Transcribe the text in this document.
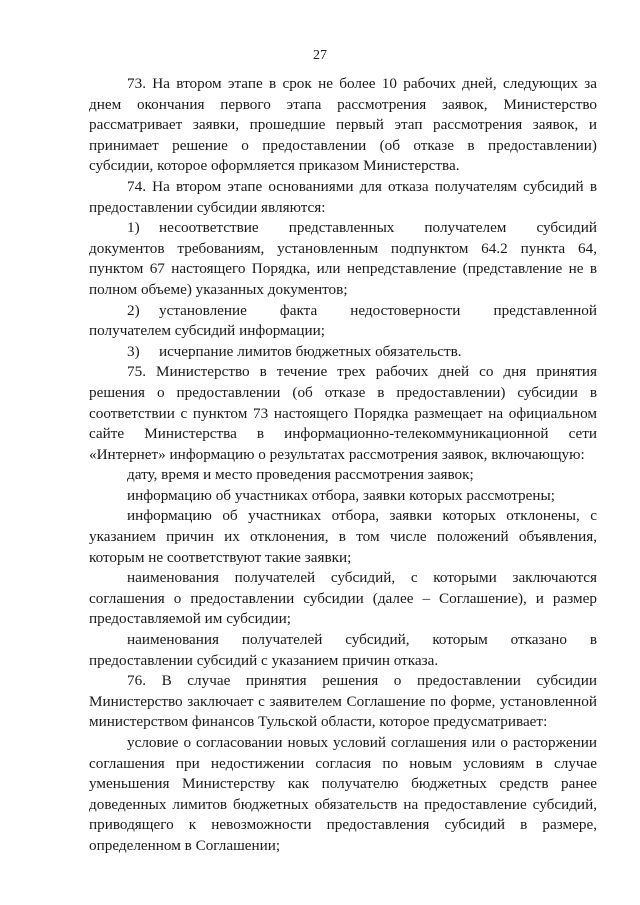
27

73. На втором этапе в срок не более 10 рабочих дней, следующих за днем окончания первого этапа рассмотрения заявок, Министерство рассматривает заявки, прошедшие первый этап рассмотрения заявок, и принимает решение о предоставлении (об отказе в предоставлении) субсидии, которое оформляется приказом Министерства.

74. На втором этапе основаниями для отказа получателям субсидий в предоставлении субсидии являются:

1)	несоответствие представленных получателем субсидий

документов требованиям, установленным подпунктом 64.2 пункта 64, пунктом 67 настоящего Порядка, или непредставление (представление не в полном объеме) указанных документов;

2)	установление факта недостоверности представленной

получателем субсидий информации;

3)	исчерпание лимитов бюджетных обязательств.

75. Министерство в течение трех рабочих дней со дня принятия решения о предоставлении (об отказе в предоставлении) субсидии в соответствии с пунктом 73 настоящего Порядка размещает на официальном сайте Министерства в информационно-телекоммуникационной сети «Интернет» информацию о результатах рассмотрения заявок, включающую:

дату, время и место проведения рассмотрения заявок;

информацию об участниках отбора, заявки которых рассмотрены;

информацию об участниках отбора, заявки которых отклонены, с указанием причин их отклонения, в том числе положений объявления, которым не соответствуют такие заявки;

наименования получателей субсидий, с которыми заключаются соглашения о предоставлении субсидии (далее – Соглашение), и размер предоставляемой им субсидии;

наименования получателей субсидий, которым отказано в предоставлении субсидий с указанием причин отказа.

76. В случае принятия решения о предоставлении субсидии Министерство заключает с заявителем Соглашение по форме, установленной министерством финансов Тульской области, которое предусматривает:

условие о согласовании новых условий соглашения или о расторжении соглашения при недостижении согласия по новым условиям в случае уменьшения Министерству как получателю бюджетных средств ранее доведенных лимитов бюджетных обязательств на предоставление субсидий, приводящего к невозможности предоставления субсидий в размере, определенном в Соглашении;
